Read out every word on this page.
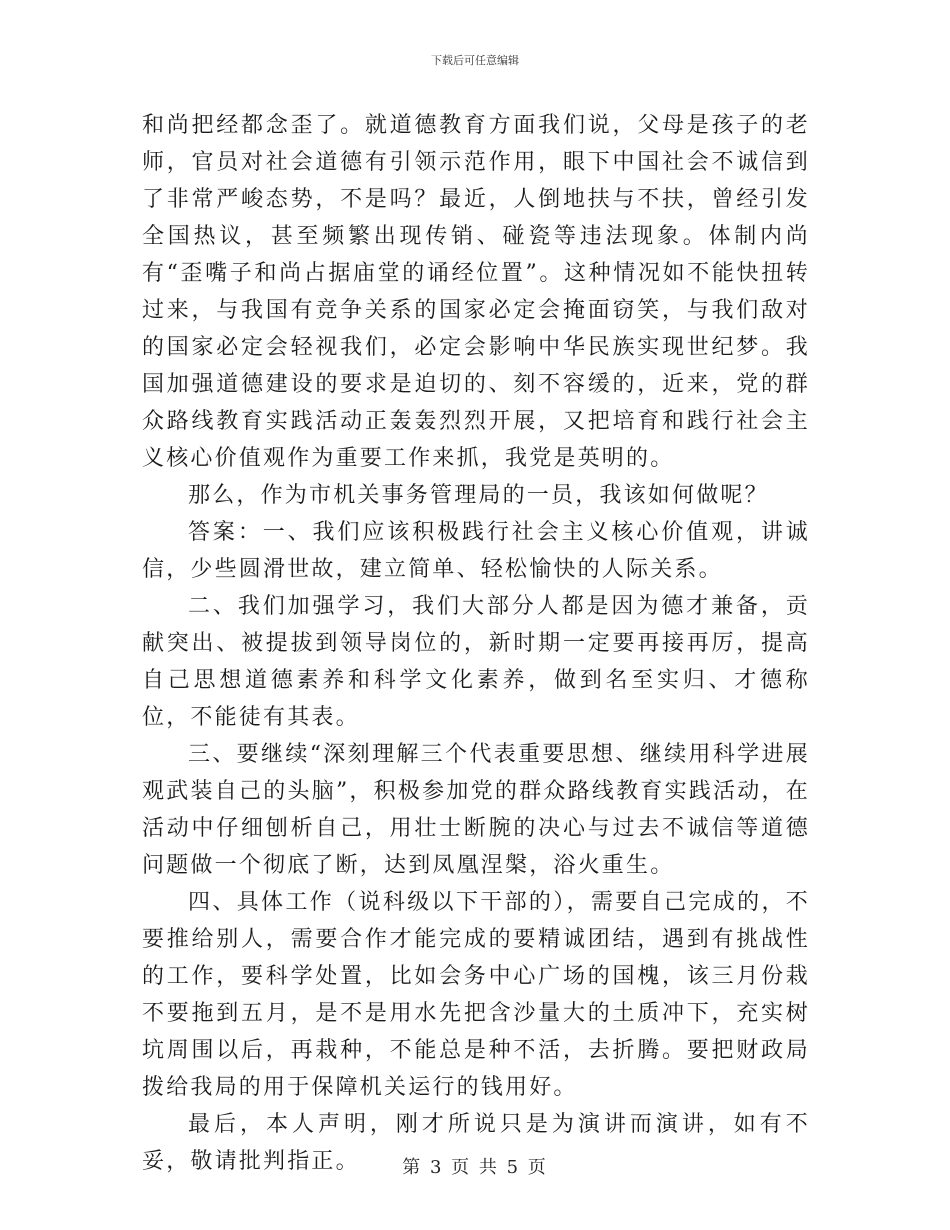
下载后可任意编辑

和尚把经都念歪了。就道德教育方面我们说，父母是孩子的老师，官员对社会道德有引领示范作用，眼下中国社会不诚信到了非常严峻态势，不是吗？最近，人倒地扶与不扶，曾经引发全国热议，甚至频繁出现传销、碰瓷等违法现象。体制内尚有“歪嘴子和尚占据庙堂的诵经位置”。这种情况如不能快扭转过来，与我国有竞争关系的国家必定会掩面窃笑，与我们敌对的国家必定会轻视我们，必定会影响中华民族实现世纪梦。我国加强道德建设的要求是迫切的、刻不容缓的，近来，党的群众路线教育实践活动正轰轰烈烈开展，又把培育和践行社会主义核心价值观作为重要工作来抓，我党是英明的。

那么，作为市机关事务管理局的一员，我该如何做呢？

答案：一、我们应该积极践行社会主义核心价值观，讲诚信，少些圆滑世故，建立简单、轻松愉快的人际关系。

二、我们加强学习，我们大部分人都是因为德才兼备，贡献突出、被提拔到领导岗位的，新时期一定要再接再厉，提高自己思想道德素养和科学文化素养，做到名至实归、才德称位，不能徒有其表。

三、要继续“深刻理解三个代表重要思想、继续用科学进展观武装自己的头脑”，积极参加党的群众路线教育实践活动，在活动中仔细刨析自己，用壮士断腕的决心与过去不诚信等道德问题做一个彻底了断，达到凤凰涅槃，浴火重生。

四、具体工作（说科级以下干部的），需要自己完成的，不要推给别人，需要合作才能完成的要精诚团结，遇到有挑战性的工作，要科学处置，比如会务中心广场的国槐，该三月份栽不要拖到五月，是不是用水先把含沙量大的土质冲下，充实树坑周围以后，再栽种，不能总是种不活，去折腾。要把财政局拨给我局的用于保障机关运行的钱用好。

最后，本人声明，刚才所说只是为演讲而演讲，如有不妥，敬请批判指正。	第 3 页 共 5 页
